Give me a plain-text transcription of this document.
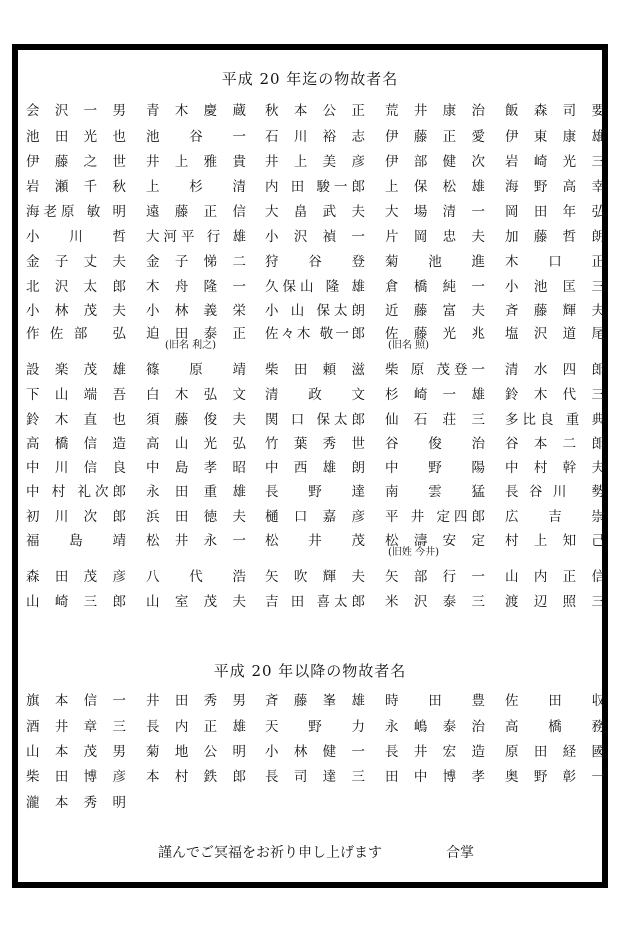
平成 20 年迄の物故者名
平成 20 年以降の物故者名
会 沢 一 男 青 木 慶 蔵 秋 本 公 正 荒 井 康 治 飯 森 司 要
池 田 光 也 池 谷 一 石 川 裕 志 伊 藤 正 愛 伊 東 康 雄
伊 藤 之 世 井 上 雅 貴 井 上 美 彦 伊 部 健 次 岩 崎 光 三
岩 瀬 千 秋 上 杉 清 内 田 駿一郎 上 保 松 雄 海 野 高 幸
海老原 敏 明 遠 藤 正 信 大 畠 武 夫 大 場 清 一 岡 田 年 弘
小 川 哲 大河平 行 雄 小 沢 禎 一 片 岡 忠 夫 加 藤 哲 朗
金 子 丈 夫 金 子 悌 二 狩 谷 登 菊 池 進 木 口 正
北 沢 太 郎 木 舟 隆 一 久保山 隆 雄 倉 橋 純 一 小 池 匡 三
小 林 茂 夫 小 林 義 栄 小 山 保太朗 近 藤 富 夫 斉 藤 輝 夫
作佐部 弘 迫 田 泰 正 佐々木 敬一郎 佐 藤 光 兆 塩 沢 道 尾
設 楽 茂 雄 篠 原 靖 柴 田 頼 滋 柴 原 茂登一 清 水 四 郎
下 山 端 吾 白 木 弘 文 清 政 文 杉 崎 一 雄 鈴 木 代 三
鈴 木 直 也 須 藤 俊 夫 関 口 保太郎 仙 石 荘 三 多比良 重 典
高 橋 信 造 高 山 光 弘 竹 葉 秀 世 谷 俊 治 谷 本 二 郎
中 川 信 良 中 島 孝 昭 中 西 雄 朗 中 野 陽 中 村 幹 夫
中 村 礼次郎 永 田 重 雄 長 野 達 南 雲 猛 長谷川 勢
初 川 次 郎 浜 田 徳 夫 樋 口 嘉 彦 平 井 定四郎 広 吉 崇
福 島 靖 松 井 永 一 松 井 茂 松 濤 安 定 村 上 知 己
森 田 茂 彦 八 代 浩 矢 吹 輝 夫 矢 部 行 一 山 内 正 信
山 崎 三 郎 山 室 茂 夫 吉 田 喜太郎 米 沢 泰 三 渡 辺 照 三
旗 本 信 一 井 田 秀 男 斉 藤 峯 雄 時 田 豊 佐 田 収
酒 井 章 三 長 内 正 雄 天 野 力 永 嶋 泰 治 高 橋 務
山 本 茂 男 菊 地 公 明 小 林 健 一 長 井 宏 造 原 田 経 國
柴 田 博 彦 本 村 鉄 郎 長 司 達 三 田 中 博 孝 奥 野 彰 一
瀧 本 秀 明
(旧名 利之)	(旧名 照)
(旧姓 今井)
謹んでご冥福をお祈り申し上げます	合掌
